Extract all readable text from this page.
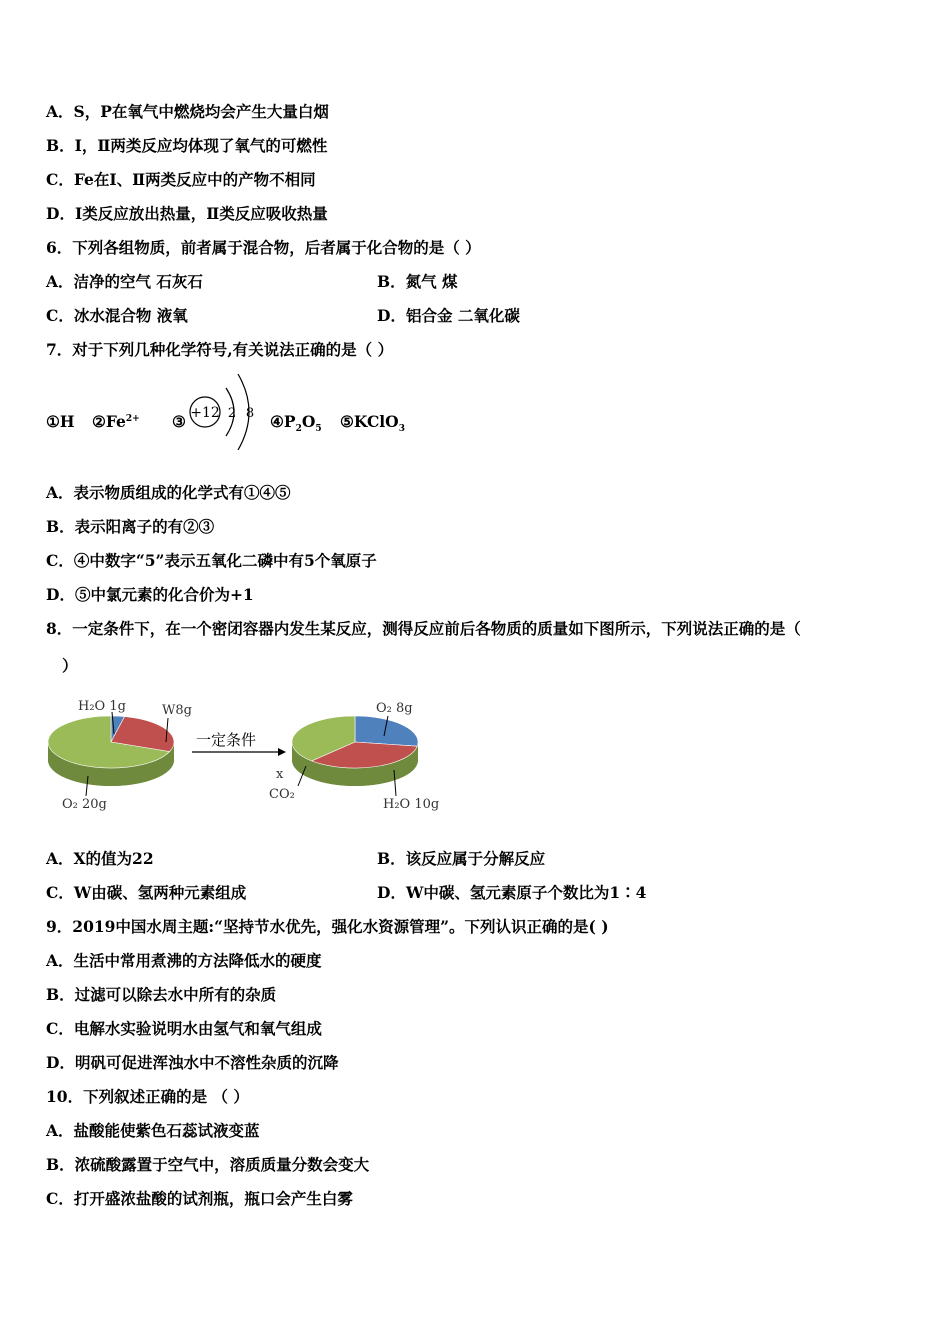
A．S，P在氧气中燃烧均会产生大量白烟
B．Ⅰ，Ⅱ两类反应均体现了氧气的可燃性
C．Fe在Ⅰ、Ⅱ两类反应中的产物不相同
D．Ⅰ类反应放出热量，Ⅱ类反应吸收热量
6．下列各组物质，前者属于混合物，后者属于化合物的是（ ）
A．洁净的空气 石灰石	B．氮气 煤
C．冰水混合物 液氧	D．铝合金 二氧化碳
7．对于下列几种化学符号,有关说法正确的是（ ）
①H $②Fe^{2+}$ ③ +12 2 8 $④P_2O_5$ ⑤KClO$_3$
A．表示物质组成的化学式有①④⑤
B．表示阳离子的有②③
C．④中数字“5”表示五氧化二磷中有5个氧原子
D．⑤中氯元素的化合价为+1
8．一定条件下，在一个密闭容器内发生某反应，测得反应前后各物质的质量如下图所示，下列说法正确的是（
）
H₂O 1g	W8g
O₂ 20g
一定条件
O₂ 8g
x
CO₂
H₂O 10g
A．X的值为22	B．该反应属于分解反应
C．W由碳、氢两种元素组成	D．W中碳、氢元素原子个数比为1∶4
9．2019中国水周主题:“坚持节水优先，强化水资源管理”。下列认识正确的是( )
A．生活中常用煮沸的方法降低水的硬度
B．过滤可以除去水中所有的杂质
C．电解水实验说明水由氢气和氧气组成
D．明矾可促进浑浊水中不溶性杂质的沉降
10．下列叙述正确的是 （ ）
A．盐酸能使紫色石蕊试液变蓝
B．浓硫酸露置于空气中，溶质质量分数会变大
C．打开盛浓盐酸的试剂瓶，瓶口会产生白雾
